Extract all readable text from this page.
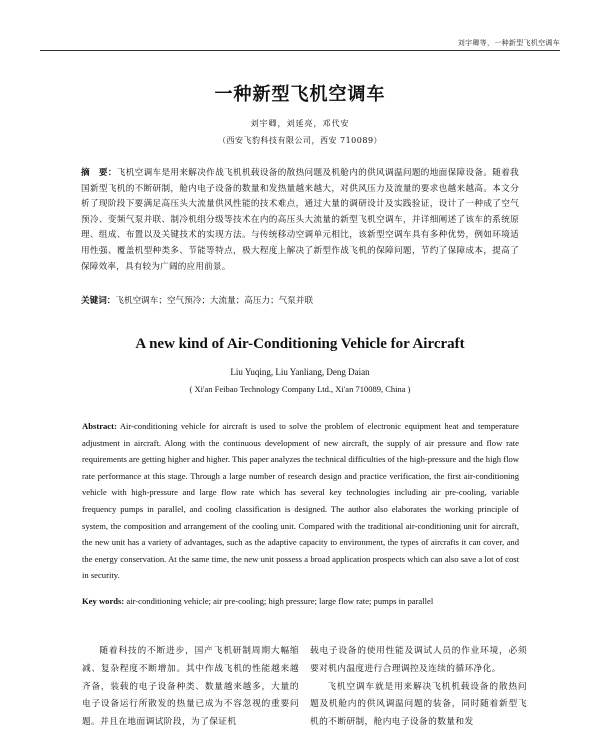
刘宇卿等，一种新型飞机空调车
一种新型飞机空调车
刘宇卿，刘延亮，邓代安
（西安飞豹科技有限公司，西安 710089）
摘　要：飞机空调车是用来解决作战飞机机载设备的散热问题及机舱内的供风调温问题的地面保障设备。随着我国新型飞机的不断研制，舱内电子设备的数量和发热量越来越大，对供风压力及流量的要求也越来越高。本文分析了现阶段下要满足高压头大流量供风性能的技术难点，通过大量的调研设计及实践验证，设计了一种成了空气预冷、变频气泵并联、制冷机组分级等技术在内的高压头大流量的新型飞机空调车，并详细阐述了该车的系统原理、组成、布置以及关键技术的实现方法。与传统移动空调单元相比，该新型空调车具有多种优势，例如环境适用性强、覆盖机型种类多、节能等特点，极大程度上解决了新型作战飞机的保障问题，节约了保障成本，提高了保障效率，具有较为广阔的应用前景。
关键词：飞机空调车；空气预冷；大流量；高压力；气泵并联
A new kind of Air-Conditioning Vehicle for Aircraft
Liu Yuqing, Liu Yanliang, Deng Daian
( Xi'an Feibao Technology Company Ltd., Xi'an 710089, China )
Abstract: Air-conditioning vehicle for aircraft is used to solve the problem of electronic equipment heat and temperature adjustment in aircraft. Along with the continuous development of new aircraft, the supply of air pressure and flow rate requirements are getting higher and higher. This paper analyzes the technical difficulties of the high-pressure and the high flow rate performance at this stage. Through a large number of research design and practice verification, the first air-conditioning vehicle with high-pressure and large flow rate which has several key technologies including air pre-cooling, variable frequency pumps in parallel, and cooling classification is designed. The author also elaborates the working principle of system, the composition and arrangement of the cooling unit. Compared with the traditional air-conditioning unit for aircraft, the new unit has a variety of advantages, such as the adaptive capacity to environment, the types of aircrafts it can cover, and the energy conservation. At the same time, the new unit possess a broad application prospects which can also save a lot of cost in security.
Key words: air-conditioning vehicle; air pre-cooling; high pressure; large flow rate; pumps in parallel
随着科技的不断进步，国产飞机研制周期大幅缩减、复杂程度不断增加。其中作战飞机的性能越来越齐备，装载的电子设备种类、数量越来越多，大量的电子设备运行所散发的热量已成为不容忽视的重要问题。并且在地面调试阶段，为了保证机
载电子设备的使用性能及调试人员的作业环境，必须要对机内温度进行合理调控及连续的循环净化。
飞机空调车就是用来解决飞机机载设备的散热问题及机舱内的供风调温问题的装备，同时随着新型飞机的不断研制，舱内电子设备的数量和发
